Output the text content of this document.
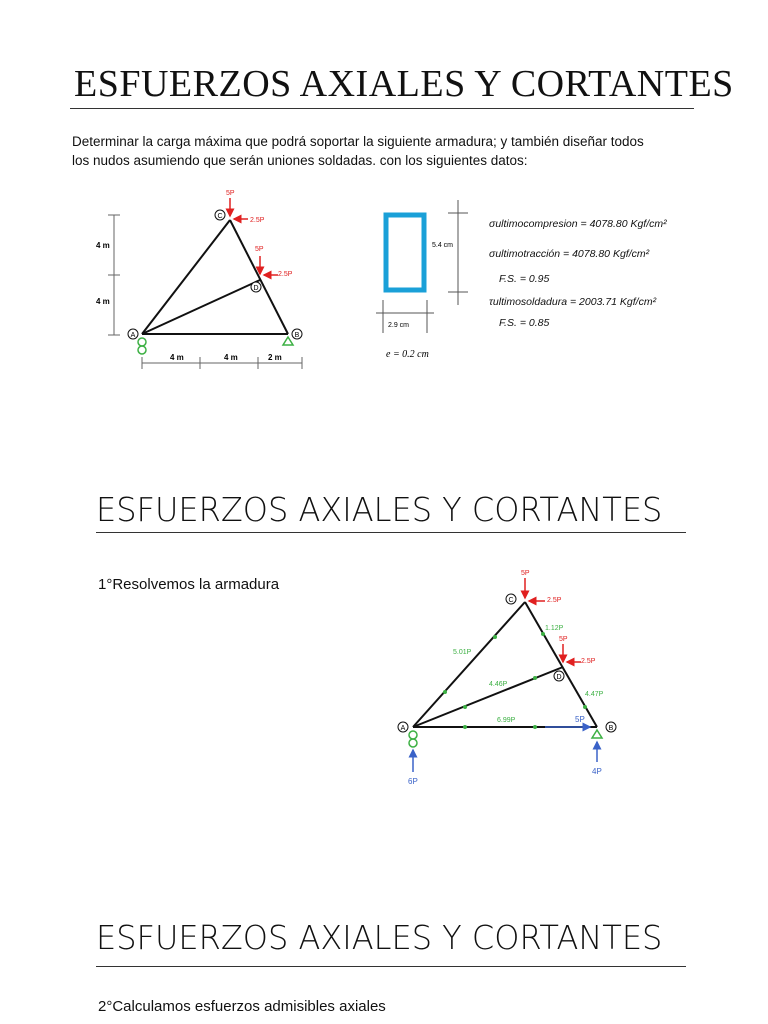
ESFUERZOS AXIALES Y CORTANTES
Determinar la carga máxima que podrá soportar la siguiente armadura; y también diseñar todos
los nudos asumiendo que serán uniones soldadas. con los siguientes datos:
4 m
4 m
4 m	4 m	2 m
A	B
C
D
5P
2.5P
5P
2.5P
5.4 cm
2.9 cm
e = 0.2 cm
σultimocompresion = 4078.80 Kgf/cm²
σultimotracción = 4078.80 Kgf/cm²
F.S. = 0.95
τultimosoldadura = 2003.71 Kgf/cm²
F.S. = 0.85
ESFUERZOS AXIALES Y CORTANTES
1°Resolvemos la armadura
A	B
C
D
5P
2.5P
5P
2.5P
5.01P
1.12P
4.46P
4.47P
6.99P	5P
6P
4P
ESFUERZOS AXIALES Y CORTANTES
2°Calculamos esfuerzos admisibles axiales
